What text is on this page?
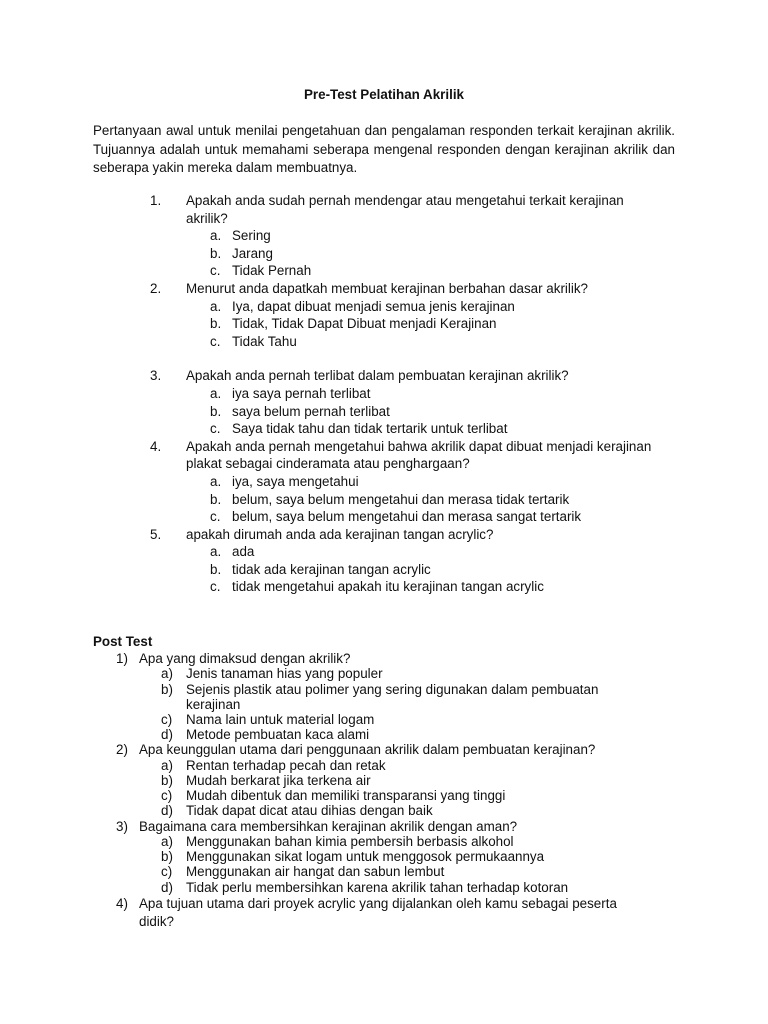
Pre-Test Pelatihan Akrilik
Pertanyaan awal untuk menilai pengetahuan dan pengalaman responden terkait kerajinan akrilik. Tujuannya adalah untuk memahami seberapa mengenal responden dengan kerajinan akrilik dan seberapa yakin mereka dalam membuatnya.
1. Apakah anda sudah pernah mendengar atau mengetahui terkait kerajinan akrilik?
a. Sering
b. Jarang
c. Tidak Pernah
2. Menurut anda dapatkah membuat kerajinan berbahan dasar akrilik?
a. Iya, dapat dibuat menjadi semua jenis kerajinan
b. Tidak, Tidak Dapat Dibuat menjadi Kerajinan
c. Tidak Tahu
3. Apakah anda pernah terlibat dalam pembuatan kerajinan akrilik?
a. iya saya pernah terlibat
b. saya belum pernah terlibat
c. Saya tidak tahu dan tidak tertarik untuk terlibat
4. Apakah anda pernah mengetahui bahwa akrilik dapat dibuat menjadi kerajinan plakat sebagai cinderamata atau penghargaan?
a. iya, saya mengetahui
b. belum, saya belum mengetahui dan merasa tidak tertarik
c. belum, saya belum mengetahui dan merasa sangat tertarik
5. apakah dirumah anda ada kerajinan tangan acrylic?
a. ada
b. tidak ada kerajinan tangan acrylic
c. tidak mengetahui apakah itu kerajinan tangan acrylic
Post Test
1) Apa yang dimaksud dengan akrilik?
a) Jenis tanaman hias yang populer
b) Sejenis plastik atau polimer yang sering digunakan dalam pembuatan kerajinan
c) Nama lain untuk material logam
d) Metode pembuatan kaca alami
2) Apa keunggulan utama dari penggunaan akrilik dalam pembuatan kerajinan?
a) Rentan terhadap pecah dan retak
b) Mudah berkarat jika terkena air
c) Mudah dibentuk dan memiliki transparansi yang tinggi
d) Tidak dapat dicat atau dihias dengan baik
3) Bagaimana cara membersihkan kerajinan akrilik dengan aman?
a) Menggunakan bahan kimia pembersih berbasis alkohol
b) Menggunakan sikat logam untuk menggosok permukaannya
c) Menggunakan air hangat dan sabun lembut
d) Tidak perlu membersihkan karena akrilik tahan terhadap kotoran
4) Apa tujuan utama dari proyek acrylic yang dijalankan oleh kamu sebagai peserta didik?
